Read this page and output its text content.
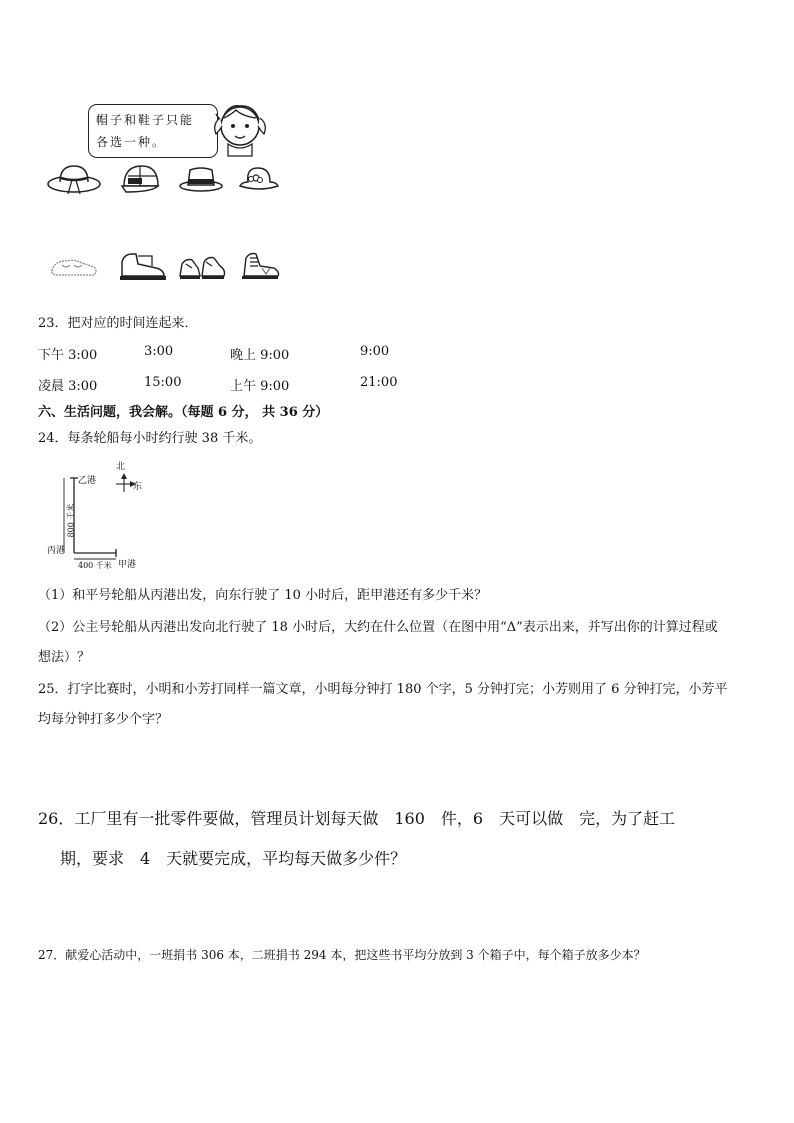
帽子和鞋子只能
各选一种。
23．把对应的时间连起来．
下午 3:00	3:00	晚上 9:00	9:00
凌晨 3:00	15:00	上午 9:00	21:00
六、生活问题，我会解。（每题 6 分， 共 36 分）
24．每条轮船每小时约行驶 38 千米。
北
东
乙港
丙港
甲港
800 千米
400 千米
（1）和平号轮船从丙港出发，向东行驶了 10 小时后，距甲港还有多少千米？
（2）公主号轮船从丙港出发向北行驶了 18 小时后，大约在什么位置（在图中用“Δ”表示出来，并写出你的计算过程或
想法）？
25．打字比赛时，小明和小芳打同样一篇文章，小明每分钟打 180 个字，5 分钟打完；小芳则用了 6 分钟打完，小芳平
均每分钟打多少个字？
26．工厂里有一批零件要做，管理员计划每天做　160　件，6　天可以做　完，为了赶工
期，要求　4　天就要完成，平均每天做多少件？
27．献爱心活动中，一班捐书 306 本，二班捐书 294 本，把这些书平均分放到 3 个箱子中，每个箱子放多少本？
